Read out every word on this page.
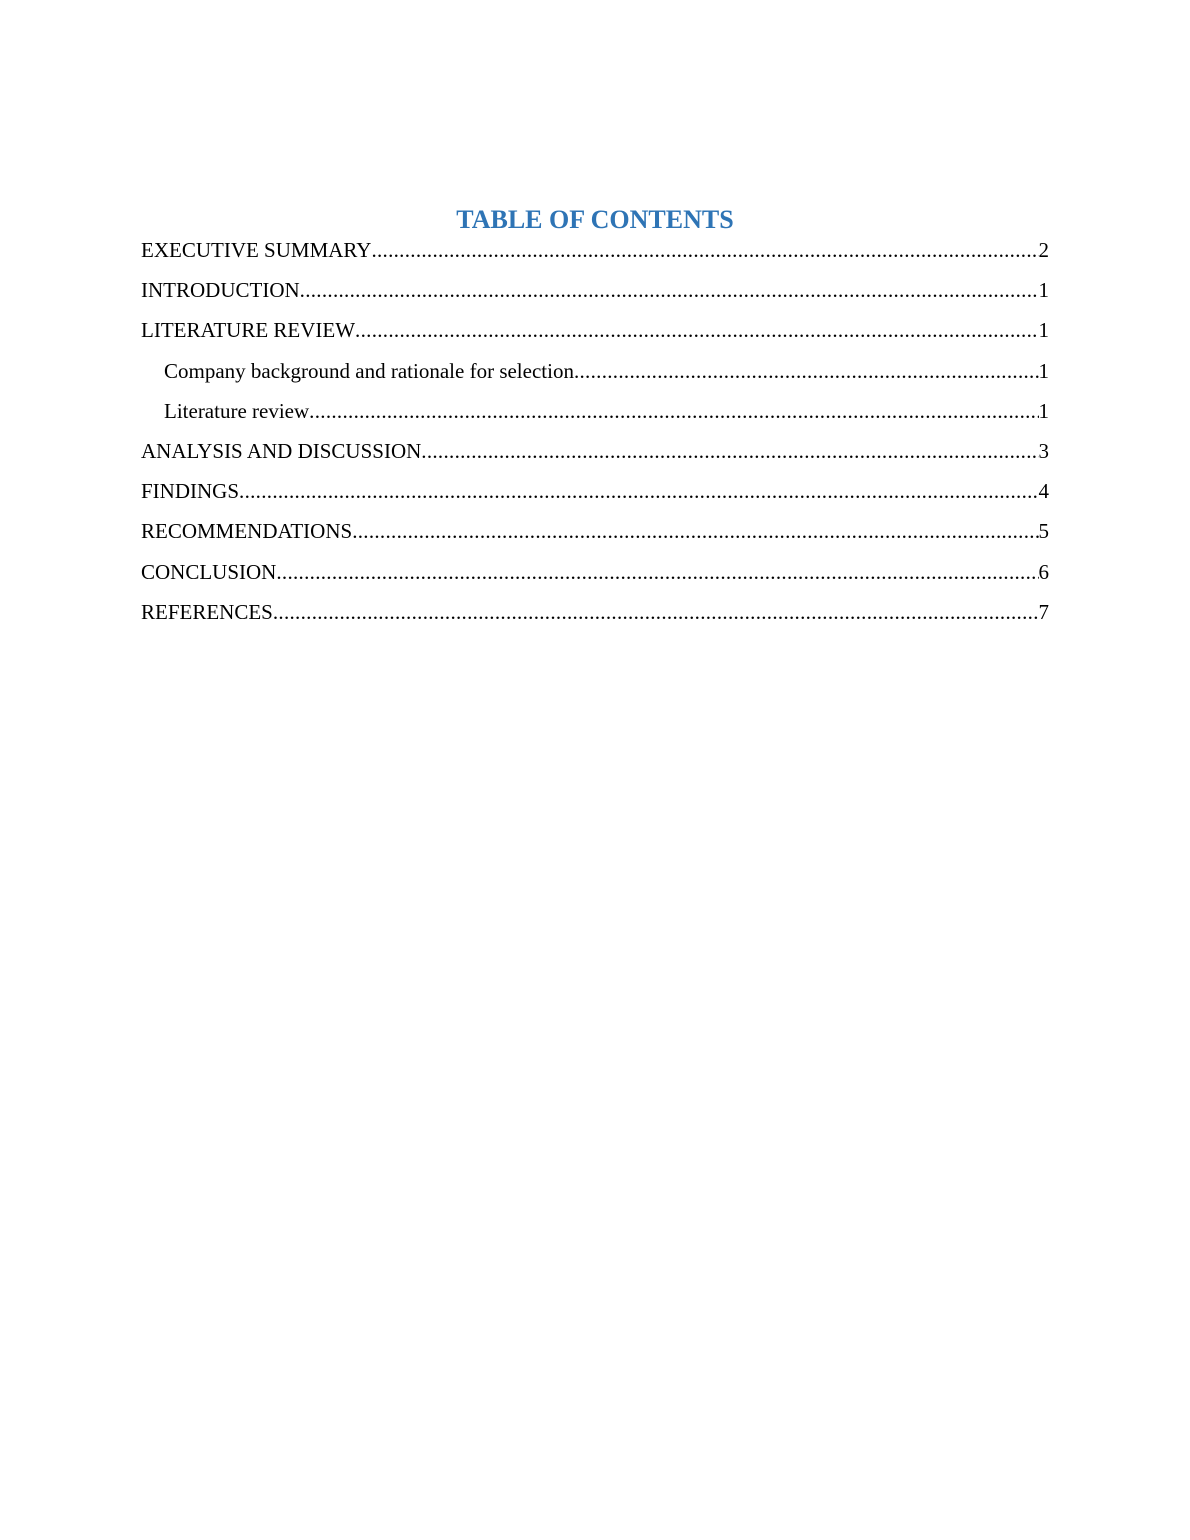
TABLE OF CONTENTS
EXECUTIVE SUMMARY .....	2
INTRODUCTION .....	1
LITERATURE REVIEW .....	1
Company background and rationale for selection .....	1
Literature review .....	1
ANALYSIS AND DISCUSSION .....	3
FINDINGS .....	4
RECOMMENDATIONS .....	5
CONCLUSION .....	6
REFERENCES .....	7
